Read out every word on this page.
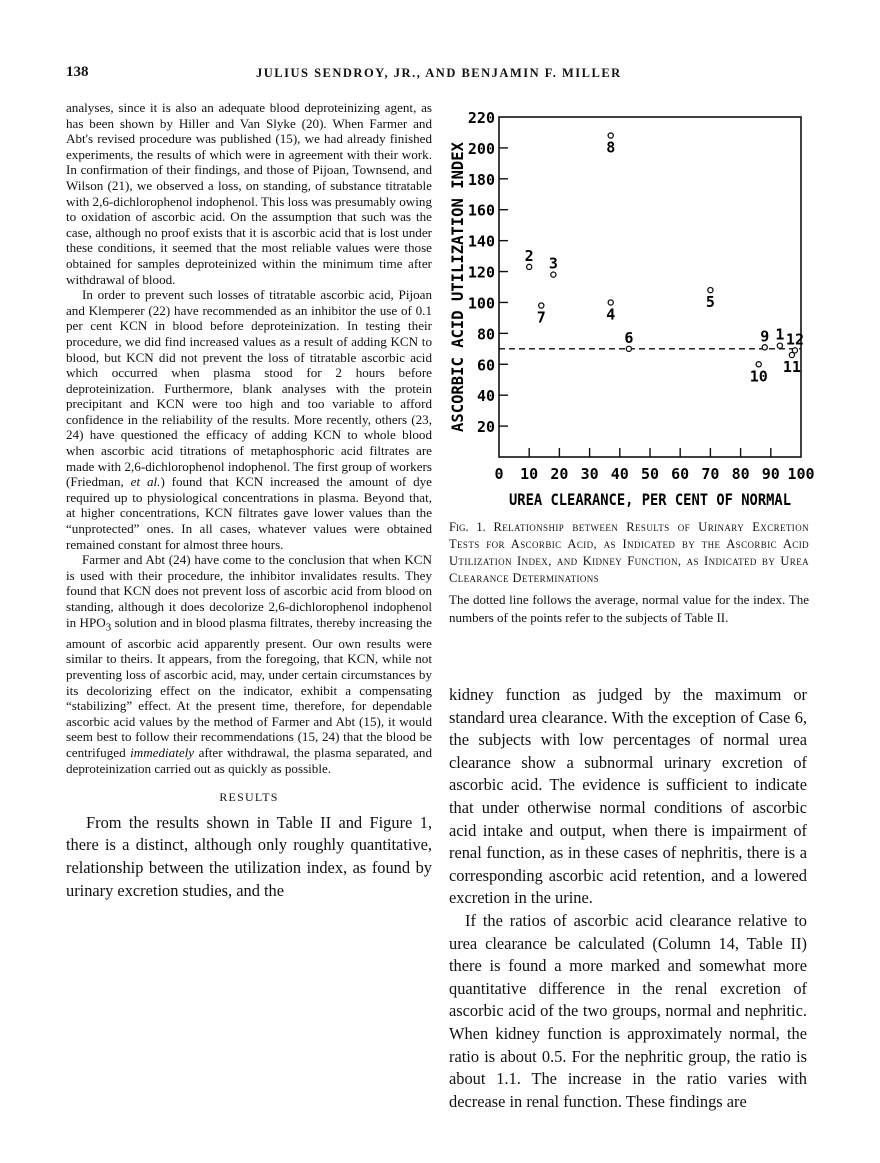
138	JULIUS SENDROY, JR., AND BENJAMIN F. MILLER

analyses, since it is also an adequate blood deproteinizing agent, as has been shown by Hiller and Van Slyke (20). When Farmer and Abt's revised procedure was published (15), we had already finished experiments, the results of which were in agreement with their work. In confirmation of their findings, and those of Pijoan, Townsend, and Wilson (21), we observed a loss, on standing, of substance titratable with 2,6-dichlorophenol indophenol. This loss was presumably owing to oxidation of ascorbic acid. On the assumption that such was the case, although no proof exists that it is ascorbic acid that is lost under these conditions, it seemed that the most reliable values were those obtained for samples deproteinized within the minimum time after withdrawal of blood.

In order to prevent such losses of titratable ascorbic acid, Pijoan and Klemperer (22) have recommended as an inhibitor the use of 0.1 per cent KCN in blood before deproteinization. In testing their procedure, we did find increased values as a result of adding KCN to blood, but KCN did not prevent the loss of titratable ascorbic acid which occurred when plasma stood for 2 hours before deproteinization. Furthermore, blank analyses with the protein precipitant and KCN were too high and too variable to afford confidence in the reliability of the results. More recently, others (23, 24) have questioned the efficacy of adding KCN to whole blood when ascorbic acid titrations of metaphosphoric acid filtrates are made with 2,6-dichlorophenol indophenol. The first group of workers (Friedman, et al.) found that KCN increased the amount of dye required up to physiological concentrations in plasma. Beyond that, at higher concentrations, KCN filtrates gave lower values than the “unprotected” ones. In all cases, whatever values were obtained remained constant for almost three hours.

Farmer and Abt (24) have come to the conclusion that when KCN is used with their procedure, the inhibitor invalidates results. They found that KCN does not prevent loss of ascorbic acid from blood on standing, although it does decolorize 2,6-dichlorophenol indophenol in $HPO_3$ solution and in blood plasma filtrates, thereby increasing the amount of ascorbic acid apparently present. Our own results were similar to theirs. It appears, from the foregoing, that KCN, while not preventing loss of ascorbic acid, may, under certain circumstances by its decolorizing effect on the indicator, exhibit a compensating “stabilizing” effect. At the present time, therefore, for dependable ascorbic acid values by the method of Farmer and Abt (15), it would seem best to follow their recommendations (15, 24) that the blood be centrifuged immediately after withdrawal, the plasma separated, and deproteinization carried out as quickly as possible.

RESULTS

From the results shown in Table II and Figure 1, there is a distinct, although only roughly quantitative, relationship between the utilization index, as found by urinary excretion studies, and the

20
40
60
80
100
120
140
160
180
200
220
0 10 20 30 40 50 60 70 80 90 100
2 3
7	4
8
6
5
9
10
1
11
12
ASCORBIC ACID UTILIZATION INDEX
UREA CLEARANCE, PER CENT OF NORMAL
Fig. 1. Relationship between Results of Urinary Excretion Tests for Ascorbic Acid, as Indicated by the Ascorbic Acid Utilization Index, and Kidney Function, as Indicated by Urea Clearance Determinations
The dotted line follows the average, normal value for the index. The numbers of the points refer to the subjects of Table II.

kidney function as judged by the maximum or standard urea clearance. With the exception of Case 6, the subjects with low percentages of normal urea clearance show a subnormal urinary excretion of ascorbic acid. The evidence is sufficient to indicate that under otherwise normal conditions of ascorbic acid intake and output, when there is impairment of renal function, as in these cases of nephritis, there is a corresponding ascorbic acid retention, and a lowered excretion in the urine.

If the ratios of ascorbic acid clearance relative to urea clearance be calculated (Column 14, Table II) there is found a more marked and somewhat more quantitative difference in the renal excretion of ascorbic acid of the two groups, normal and nephritic. When kidney function is approximately normal, the ratio is about 0.5. For the nephritic group, the ratio is about 1.1. The increase in the ratio varies with decrease in renal function. These findings are
